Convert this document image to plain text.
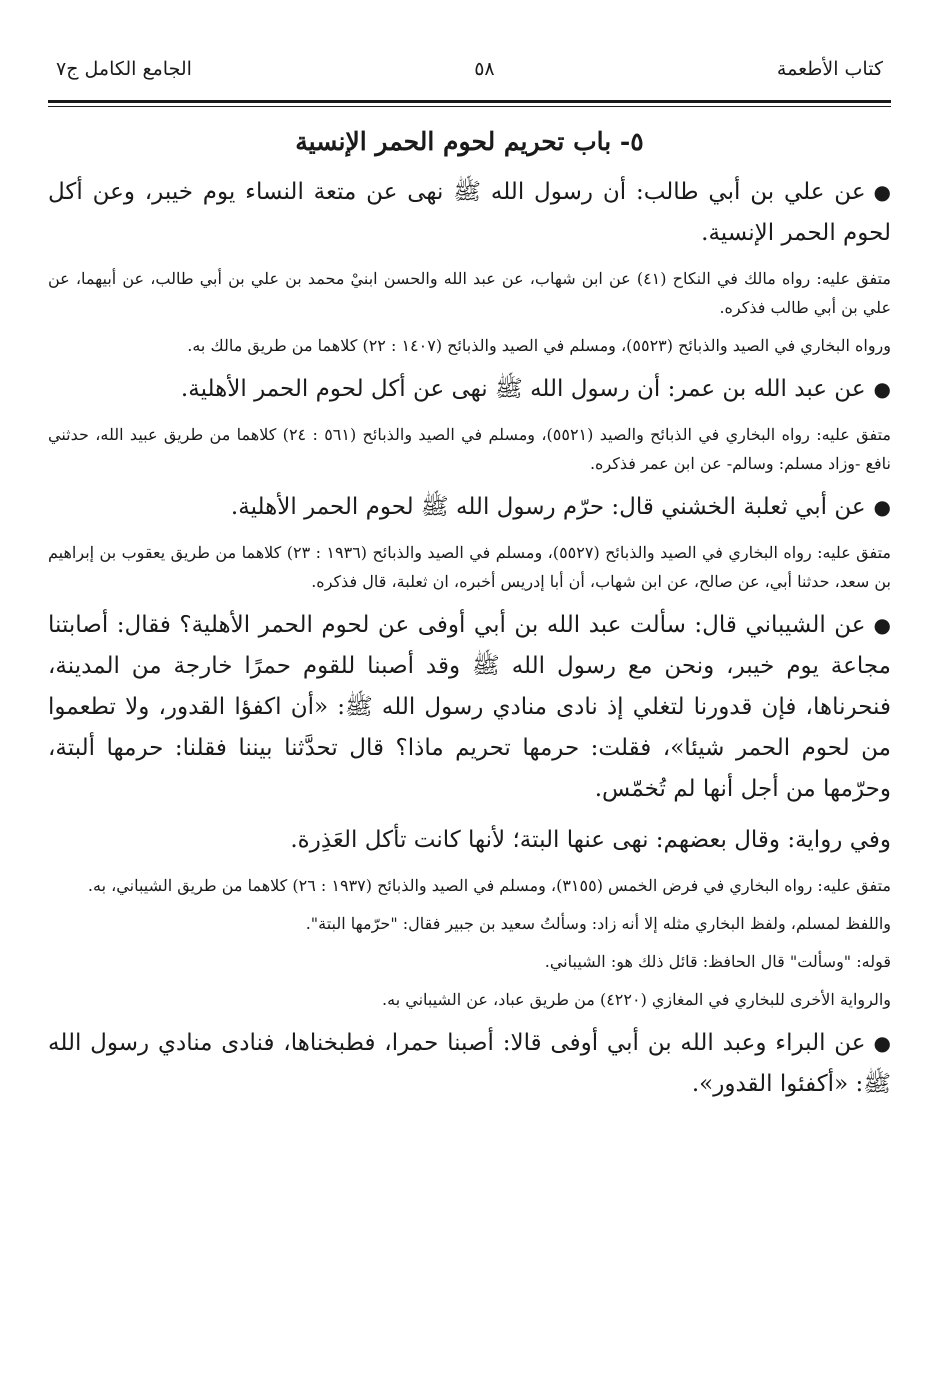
كتاب الأطعمة
٥٨
الجامع الكامل ج٧
٥- باب تحريم لحوم الحمر الإنسية

●عن علي بن أبي طالب: أن رسول الله ﷺ نهى عن متعة النساء يوم خيبر، وعن أكل لحوم الحمر الإنسية.

متفق عليه: رواه مالك في النكاح (٤١) عن ابن شهاب، عن عبد الله والحسن ابنيْ محمد بن علي بن أبي طالب، عن أبيهما، عن علي بن أبي طالب فذكره.

ورواه البخاري في الصيد والذبائح (٥٥٢٣)، ومسلم في الصيد والذبائح (١٤٠٧ : ٢٢) كلاهما من طريق مالك به.

●عن عبد الله بن عمر: أن رسول الله ﷺ نهى عن أكل لحوم الحمر الأهلية.

متفق عليه: رواه البخاري في الذبائح والصيد (٥٥٢١)، ومسلم في الصيد والذبائح (٥٦١ : ٢٤) كلاهما من طريق عبيد الله، حدثني نافع -وزاد مسلم: وسالم- عن ابن عمر فذكره.

●عن أبي ثعلبة الخشني قال: حرّم رسول الله ﷺ لحوم الحمر الأهلية.

متفق عليه: رواه البخاري في الصيد والذبائح (٥٥٢٧)، ومسلم في الصيد والذبائح (١٩٣٦ : ٢٣) كلاهما من طريق يعقوب بن إبراهيم بن سعد، حدثنا أبي، عن صالح، عن ابن شهاب، أن أبا إدريس أخبره، ان ثعلبة، قال فذكره.

●عن الشيباني قال: سألت عبد الله بن أبي أوفى عن لحوم الحمر الأهلية؟ فقال: أصابتنا مجاعة يوم خيبر، ونحن مع رسول الله ﷺ وقد أصبنا للقوم حمرًا خارجة من المدينة، فنحرناها، فإن قدورنا لتغلي إذ نادى منادي رسول الله ﷺ: «أن اكفؤا القدور، ولا تطعموا من لحوم الحمر شيئا»، فقلت: حرمها تحريم ماذا؟ قال تحدَّثنا بيننا فقلنا: حرمها ألبتة، وحرّمها من أجل أنها لم تُخمّس.

وفي رواية: وقال بعضهم: نهى عنها البتة؛ لأنها كانت تأكل العَذِرة.

متفق عليه: رواه البخاري في فرض الخمس (٣١٥٥)، ومسلم في الصيد والذبائح (١٩٣٧ : ٢٦) كلاهما من طريق الشيباني، به.

واللفظ لمسلم، ولفظ البخاري مثله إلا أنه زاد: وسألتُ سعيد بن جبير فقال: "حرّمها البتة".

قوله: "وسألت" قال الحافظ: قائل ذلك هو: الشيباني.

والرواية الأخرى للبخاري في المغازي (٤٢٢٠) من طريق عباد، عن الشيباني به.

●عن البراء وعبد الله بن أبي أوفى قالا: أصبنا حمرا، فطبخناها، فنادى منادي رسول الله ﷺ: «أكفئوا القدور».
